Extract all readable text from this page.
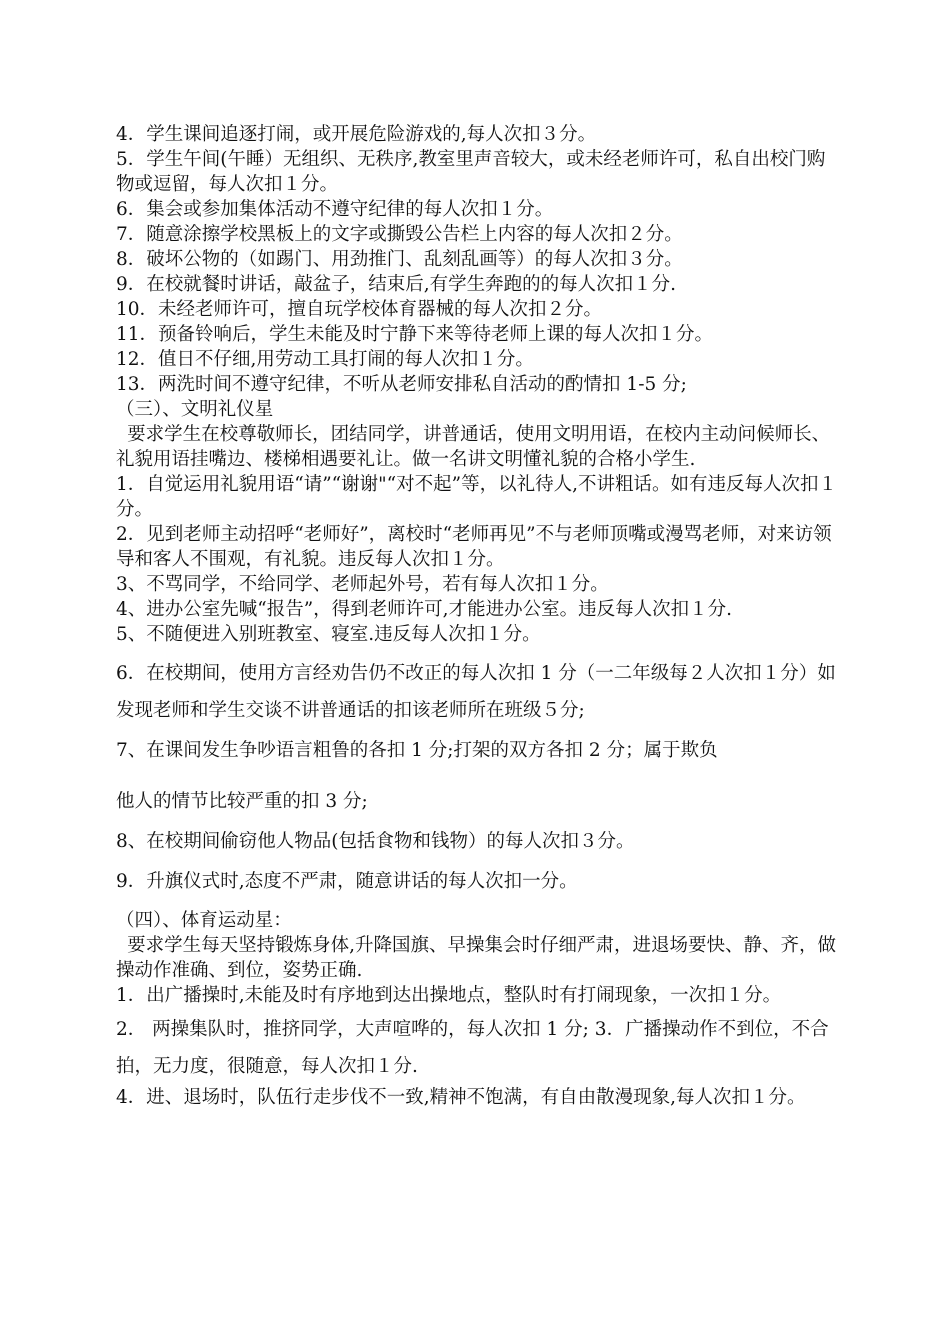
4．学生课间追逐打闹，或开展危险游戏的,每人次扣３分。

5．学生午间(午睡）无组织、无秩序,教室里声音较大，或未经老师许可，私自出校门购物或逗留，每人次扣１分。

6．集会或参加集体活动不遵守纪律的每人次扣１分。

7．随意涂擦学校黑板上的文字或撕毁公告栏上内容的每人次扣２分。

8．破坏公物的（如踢门、用劲推门、乱刻乱画等）的每人次扣３分。

9．在校就餐时讲话，敲盆子，结束后,有学生奔跑的的每人次扣１分.

10．未经老师许可，擅自玩学校体育器械的每人次扣２分。

11．预备铃响后，学生未能及时宁静下来等待老师上课的每人次扣１分。

12．值日不仔细,用劳动工具打闹的每人次扣１分。

13．两洗时间不遵守纪律，不听从老师安排私自活动的酌情扣 1-5 分;

（三）、文明礼仪星

要求学生在校尊敬师长，团结同学，讲普通话，使用文明用语，在校内主动问候师长、礼貌用语挂嘴边、楼梯相遇要礼让。做一名讲文明懂礼貌的合格小学生.

1．自觉运用礼貌用语“请”“谢谢"“对不起”等，以礼待人,不讲粗话。如有违反每人次扣１分。

2．见到老师主动招呼“老师好”，离校时“老师再见”不与老师顶嘴或漫骂老师，对来访领导和客人不围观，有礼貌。违反每人次扣１分。

3、不骂同学，不给同学、老师起外号，若有每人次扣１分。

4、进办公室先喊“报告”，得到老师许可,才能进办公室。违反每人次扣１分.

5、不随便进入别班教室、寝室.违反每人次扣１分。

6．在校期间，使用方言经劝告仍不改正的每人次扣 1 分（一二年级每２人次扣１分）如发现老师和学生交谈不讲普通话的扣该老师所在班级５分;

7、在课间发生争吵语言粗鲁的各扣 1 分;打架的双方各扣 2 分；属于欺负

他人的情节比较严重的扣 3 分;

8、在校期间偷窃他人物品(包括食物和钱物）的每人次扣３分。

9．升旗仪式时,态度不严肃，随意讲话的每人次扣一分。

（四）、体育运动星：

要求学生每天坚持锻炼身体,升降国旗、早操集会时仔细严肃，进退场要快、静、齐，做操动作准确、到位，姿势正确.

1．出广播操时,未能及时有序地到达出操地点，整队时有打闹现象，一次扣１分。

2． 两操集队时，推挤同学，大声喧哗的，每人次扣 1 分; 3．广播操动作不到位，不合拍，无力度，很随意，每人次扣１分.

4．进、退场时，队伍行走步伐不一致,精神不饱满，有自由散漫现象,每人次扣１分。
